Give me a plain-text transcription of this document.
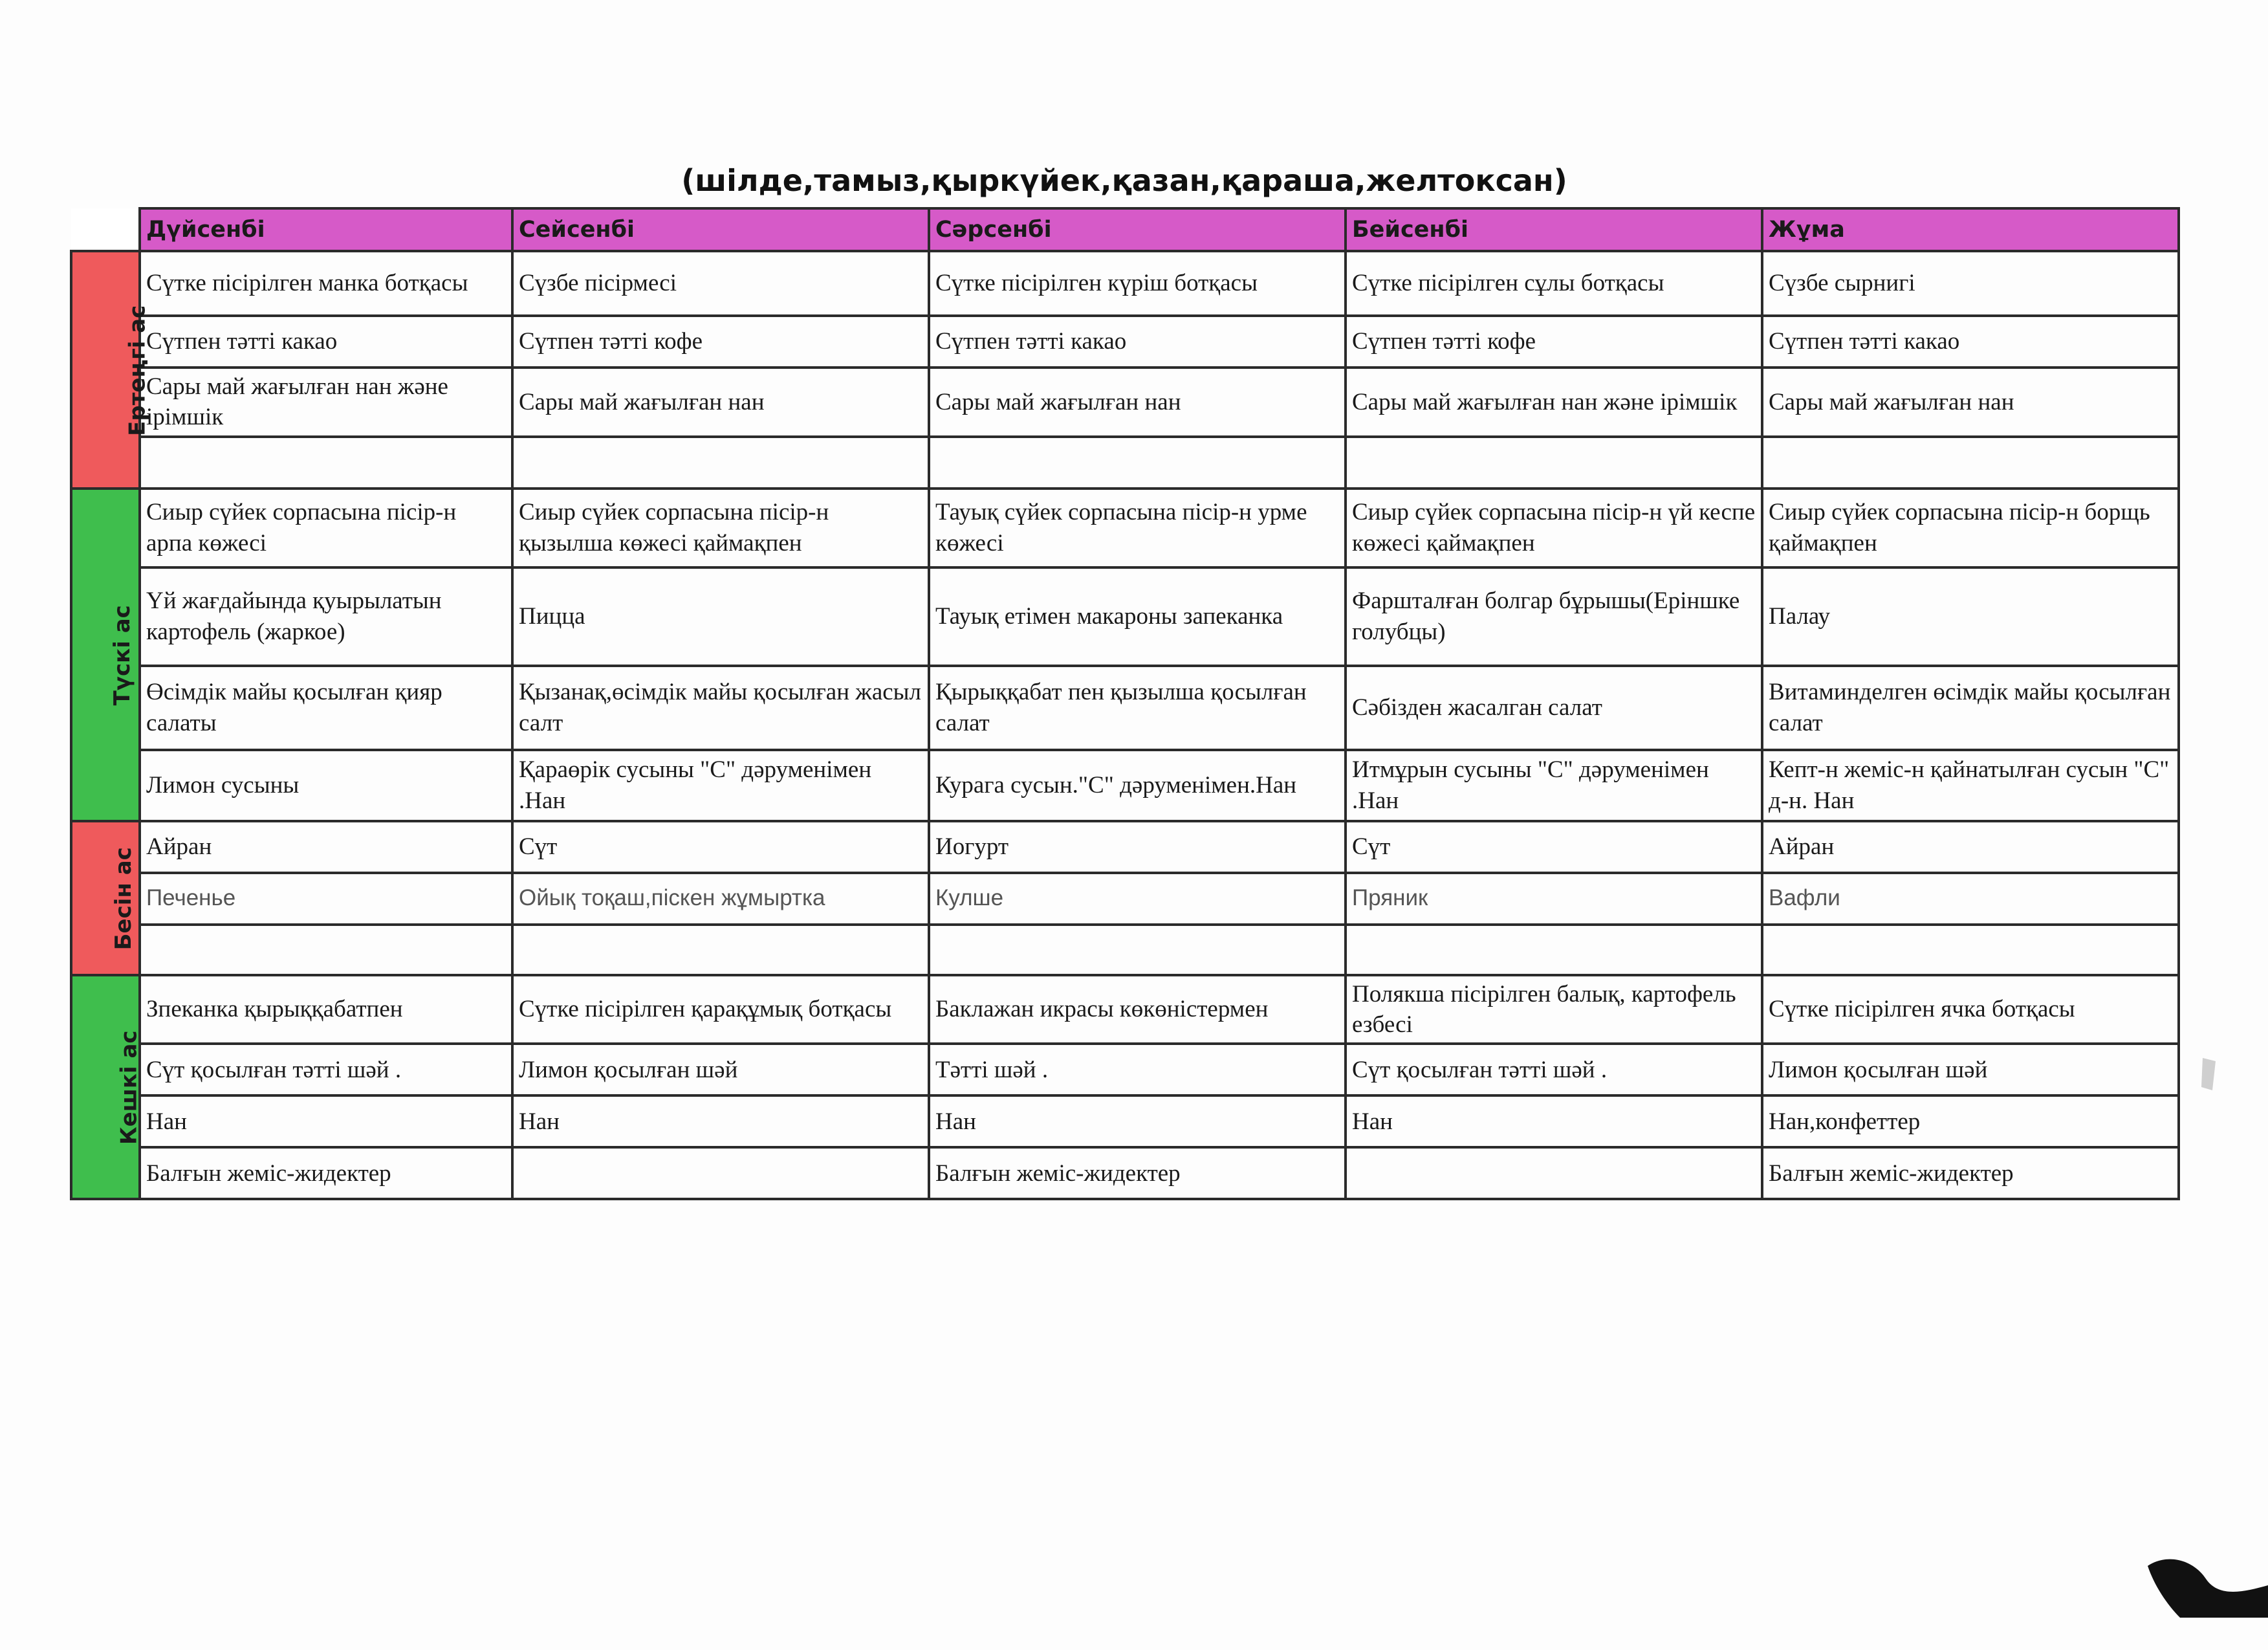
(шілде,тамыз,қыркүйек,қазан,қараша,желтоксан)
	Дүйсенбі	Сейсенбі	Сәрсенбі	Бейсенбі	Жұма
Ертеңгі ас	Сүтке пісірілген манка ботқасы	Сүзбе пісірмесі	Сүтке пісірілген күріш ботқасы	Сүтке пісірілген сұлы ботқасы	Сүзбе сырнигі
	Сүтпен тәтті какао	Сүтпен тәтті кофе	Сүтпен тәтті какао	Сүтпен тәтті кофе	Сүтпен тәтті какао
	Сары май жағылған нан және ірімшік	Сары май жағылған нан	Сары май жағылған нан	Сары май жағылған нан және ірімшік	Сары май жағылған нан

Түскі ас	Сиыр сүйек сорпасына пісір-н арпа көжесі	Сиыр сүйек сорпасына пісір-н қызылша көжесі қаймақпен	Тауық сүйек сорпасына пісір-н урме көжесі	Сиыр сүйек сорпасына пісір-н үй кеспе көжесі қаймақпен	Сиыр сүйек сорпасына пісір-н борщь қаймақпен
	Үй жағдайында қуырылатын картофель (жаркое)	Пицца	Тауық етімен макароны запеканка	Фаршталған болгар бұрышы(Еріншке голубцы)	Палау
	Өсімдік майы қосылған қияр салаты	Қызанақ,өсімдік майы қосылған жасыл салт	Қырыққабат пен қызылша қосылған салат	Сәбізден жасалган салат	Витаминделген өсімдік майы қосылған салат
	Лимон сусыны	Қараөрік сусыны "С" дәруменімен .Нан	Курага сусын."С" дәруменімен.Нан	Итмұрын сусыны "С" дәруменімен .Нан	Кепт-н жеміс-н қайнатылған сусын "С" д-н. Нан
Бесін ас	Айран	Сүт	Иогурт	Сүт	Айран
	Печенье	Ойық тоқаш,піскен жұмыртка	Кулше	Пряник	Вафли

Кешкі ас	Зпеканка қырыққабатпен	Сүтке пісірілген қарақұмық ботқасы	Баклажан икрасы көкөністермен	Полякша пісірілген балық, картофель езбесі	Сүтке пісірілген ячка ботқасы
	Сүт қосылған тәтті шәй .	Лимон қосылған шәй	Тәтті шәй .	Сүт қосылған тәтті шәй .	Лимон қосылған шәй
	Нан	Нан	Нан	Нан	Нан,конфеттер
	Балғын жеміс-жидектер		Балғын жеміс-жидектер		Балғын жеміс-жидектер
